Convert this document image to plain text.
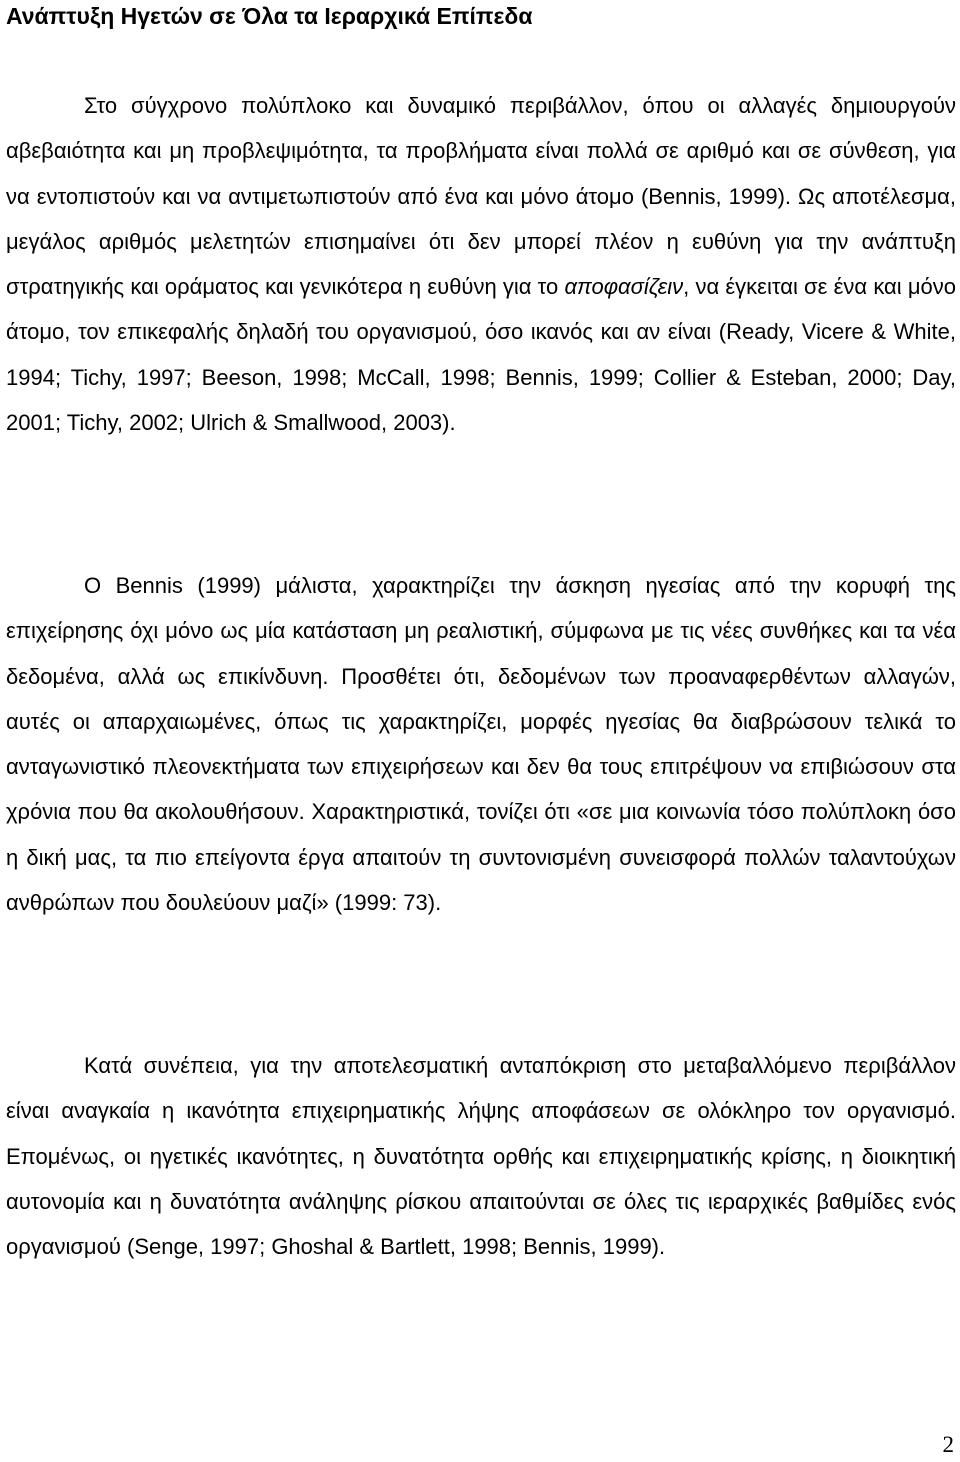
Ανάπτυξη Ηγετών σε Όλα τα Ιεραρχικά Επίπεδα

Στο σύγχρονο πολύπλοκο και δυναμικό περιβάλλον, όπου οι αλλαγές δημιουργούν αβεβαιότητα και μη προβλεψιμότητα, τα προβλήματα είναι πολλά σε αριθμό και σε σύνθεση, για να εντοπιστούν και να αντιμετωπιστούν από ένα και μόνο άτομο (Bennis, 1999). Ως αποτέλεσμα, μεγάλος αριθμός μελετητών επισημαίνει ότι δεν μπορεί πλέον η ευθύνη για την ανάπτυξη στρατηγικής και οράματος και γενικότερα η ευθύνη για το αποφασίζειν, να έγκειται σε ένα και μόνο άτομο, τον επικεφαλής δηλαδή του οργανισμού, όσο ικανός και αν είναι (Ready, Vicere & White, 1994; Tichy, 1997; Beeson, 1998; McCall, 1998; Bennis, 1999; Collier & Esteban, 2000; Day, 2001; Tichy, 2002; Ulrich & Smallwood, 2003).

Ο Bennis (1999) μάλιστα, χαρακτηρίζει την άσκηση ηγεσίας από την κορυφή της επιχείρησης όχι μόνο ως μία κατάσταση μη ρεαλιστική, σύμφωνα με τις νέες συνθήκες και τα νέα δεδομένα, αλλά ως επικίνδυνη. Προσθέτει ότι, δεδομένων των προαναφερθέντων αλλαγών, αυτές οι απαρχαιωμένες, όπως τις χαρακτηρίζει, μορφές ηγεσίας θα διαβρώσουν τελικά το ανταγωνιστικό πλεονεκτήματα των επιχειρήσεων και δεν θα τους επιτρέψουν να επιβιώσουν στα χρόνια που θα ακολουθήσουν. Χαρακτηριστικά, τονίζει ότι «σε μια κοινωνία τόσο πολύπλοκη όσο η δική μας, τα πιο επείγοντα έργα απαιτούν τη συντονισμένη συνεισφορά πολλών ταλαντούχων ανθρώπων που δουλεύουν μαζί» (1999: 73).

Κατά συνέπεια, για την αποτελεσματική ανταπόκριση στο μεταβαλλόμενο περιβάλλον είναι αναγκαία η ικανότητα επιχειρηματικής λήψης αποφάσεων σε ολόκληρο τον οργανισμό. Επομένως, οι ηγετικές ικανότητες, η δυνατότητα ορθής και επιχειρηματικής κρίσης, η διοικητική αυτονομία και η δυνατότητα ανάληψης ρίσκου απαιτούνται σε όλες τις ιεραρχικές βαθμίδες ενός οργανισμού (Senge, 1997; Ghoshal & Bartlett, 1998; Bennis, 1999).

2
